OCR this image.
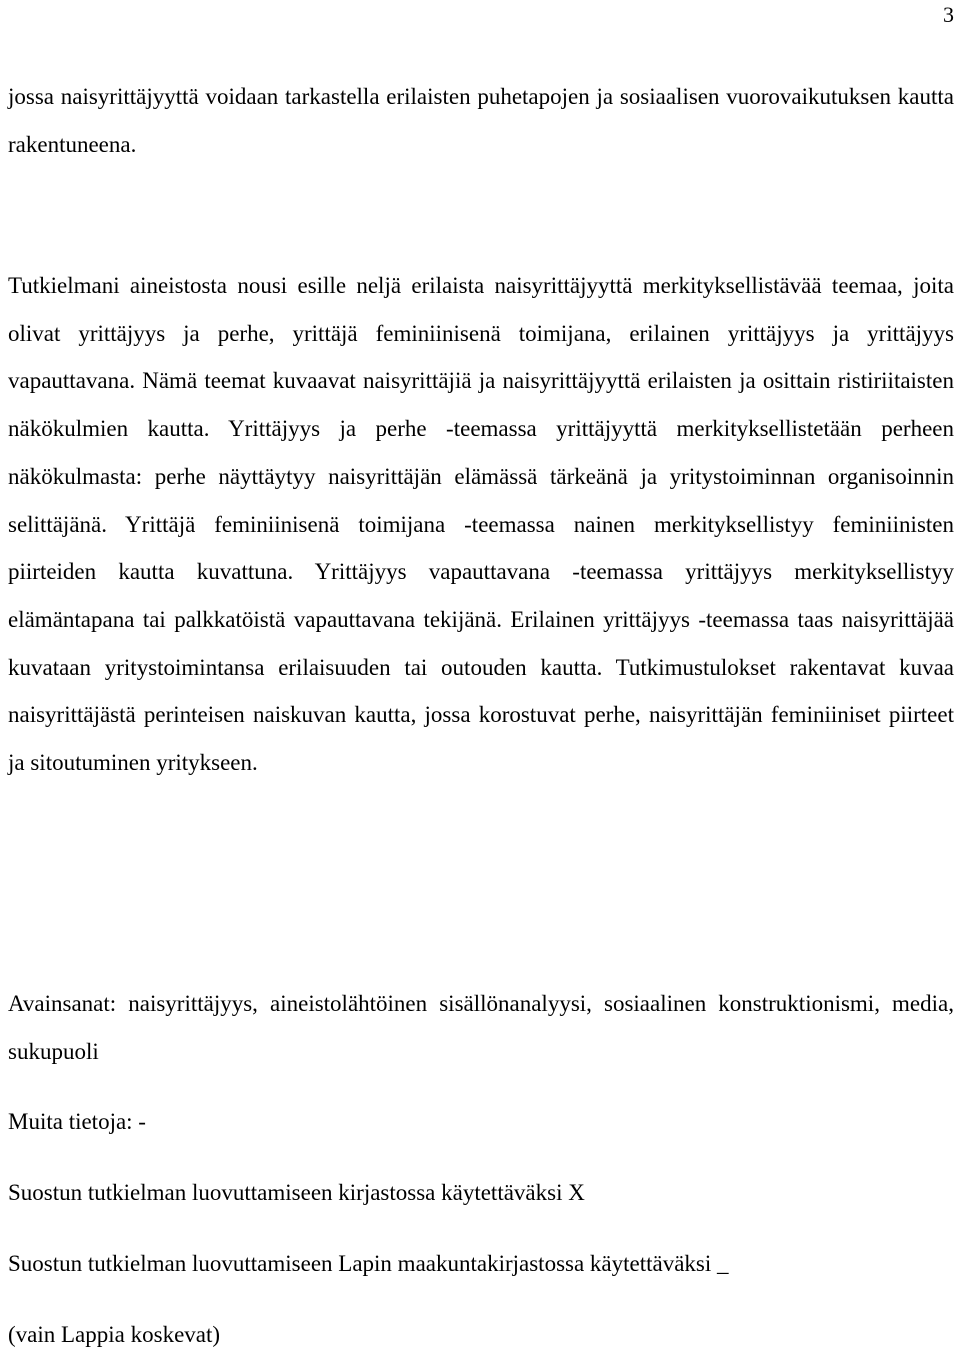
3

jossa naisyrittäjyyttä voidaan tarkastella erilaisten puhetapojen ja sosiaalisen vuorovaikutuksen kautta rakentuneena.

Tutkielmani aineistosta nousi esille neljä erilaista naisyrittäjyyttä merkityksellistävää teemaa, joita olivat yrittäjyys ja perhe, yrittäjä feminiinisenä toimijana, erilainen yrittäjyys ja yrittäjyys vapauttavana. Nämä teemat kuvaavat naisyrittäjiä ja naisyrittäjyyttä erilaisten ja osittain ristiriitaisten näkökulmien kautta. Yrittäjyys ja perhe -teemassa yrittäjyyttä merkityksellistetään perheen näkökulmasta: perhe näyttäytyy naisyrittäjän elämässä tärkeänä ja yritystoiminnan organisoinnin selittäjänä. Yrittäjä feminiinisenä toimijana -teemassa nainen merkityksellistyy feminiinisten piirteiden kautta kuvattuna. Yrittäjyys vapauttavana -teemassa yrittäjyys merkityksellistyy elämäntapana tai palkkatöistä vapauttavana tekijänä. Erilainen yrittäjyys -teemassa taas naisyrittäjää kuvataan yritystoimintansa erilaisuuden tai outouden kautta. Tutkimustulokset rakentavat kuvaa naisyrittäjästä perinteisen naiskuvan kautta, jossa korostuvat perhe, naisyrittäjän feminiiniset piirteet ja sitoutuminen yritykseen.

Avainsanat: naisyrittäjyys, aineistolähtöinen sisällönanalyysi, sosiaalinen konstruktionismi, media, sukupuoli

Muita tietoja: -

Suostun tutkielman luovuttamiseen kirjastossa käytettäväksi X

Suostun tutkielman luovuttamiseen Lapin maakuntakirjastossa käytettäväksi _

(vain Lappia koskevat)
